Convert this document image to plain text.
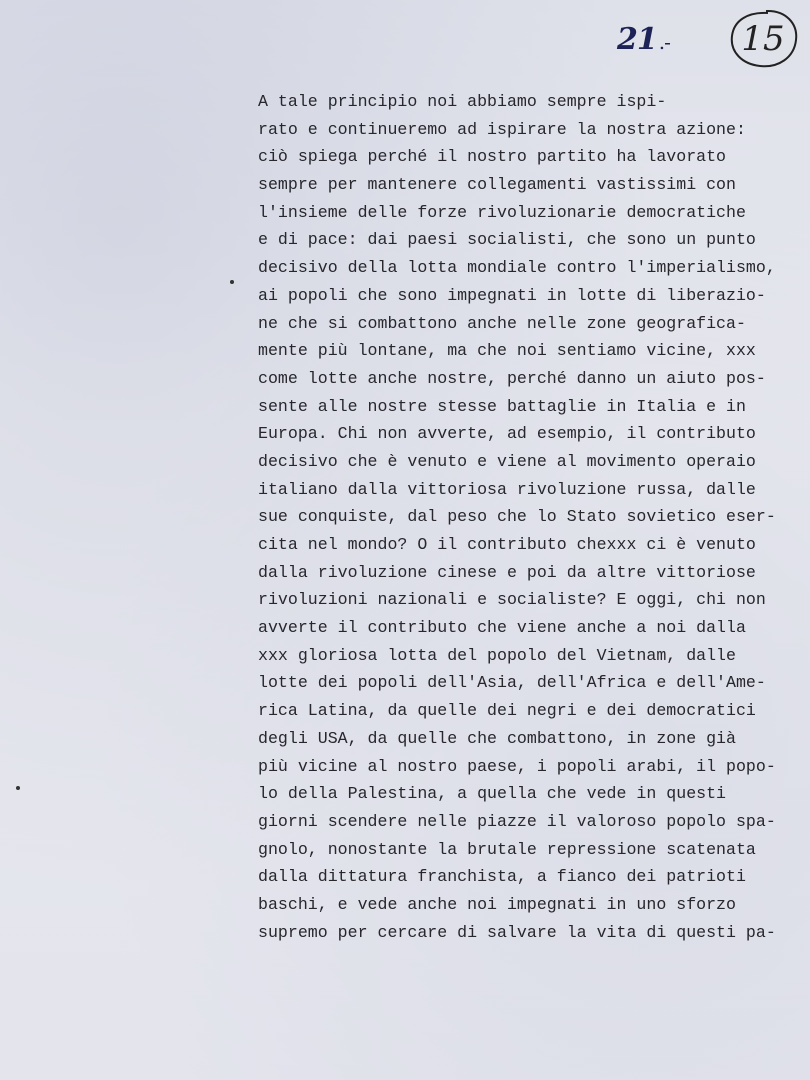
21 .-	15
A tale principio noi abbiamo sempre ispi-
rato e continueremo ad ispirare la nostra azione:
ciò spiega perché il nostro partito ha lavorato
sempre per mantenere collegamenti vastissimi con
l'insieme delle forze rivoluzionarie democratiche
e di pace: dai paesi socialisti, che sono un punto
decisivo della lotta mondiale contro l'imperialismo,
ai popoli che sono impegnati in lotte di liberazio-
ne che si combattono anche nelle zone geografica-
mente più lontane, ma che noi sentiamo vicine, xxx
come lotte anche nostre, perché danno un aiuto pos-
sente alle nostre stesse battaglie in Italia e in
Europa. Chi non avverte, ad esempio, il contributo
decisivo che è venuto e viene al movimento operaio
italiano dalla vittoriosa rivoluzione russa, dalle
sue conquiste, dal peso che lo Stato sovietico eser-
cita nel mondo? O il contributo chexxx ci è venuto
dalla rivoluzione cinese e poi da altre vittoriose
rivoluzioni nazionali e socialiste? E oggi, chi non
avverte il contributo che viene anche a noi dalla
xxx gloriosa lotta del popolo del Vietnam, dalle
lotte dei popoli dell'Asia, dell'Africa e dell'Ame-
rica Latina, da quelle dei negri e dei democratici
degli USA, da quelle che combattono, in zone già
più vicine al nostro paese, i popoli arabi, il popo-
lo della Palestina, a quella che vede in questi
giorni scendere nelle piazze il valoroso popolo spa-
gnolo, nonostante la brutale repressione scatenata
dalla dittatura franchista, a fianco dei patrioti
baschi, e vede anche noi impegnati in uno sforzo
supremo per cercare di salvare la vita di questi pa-
